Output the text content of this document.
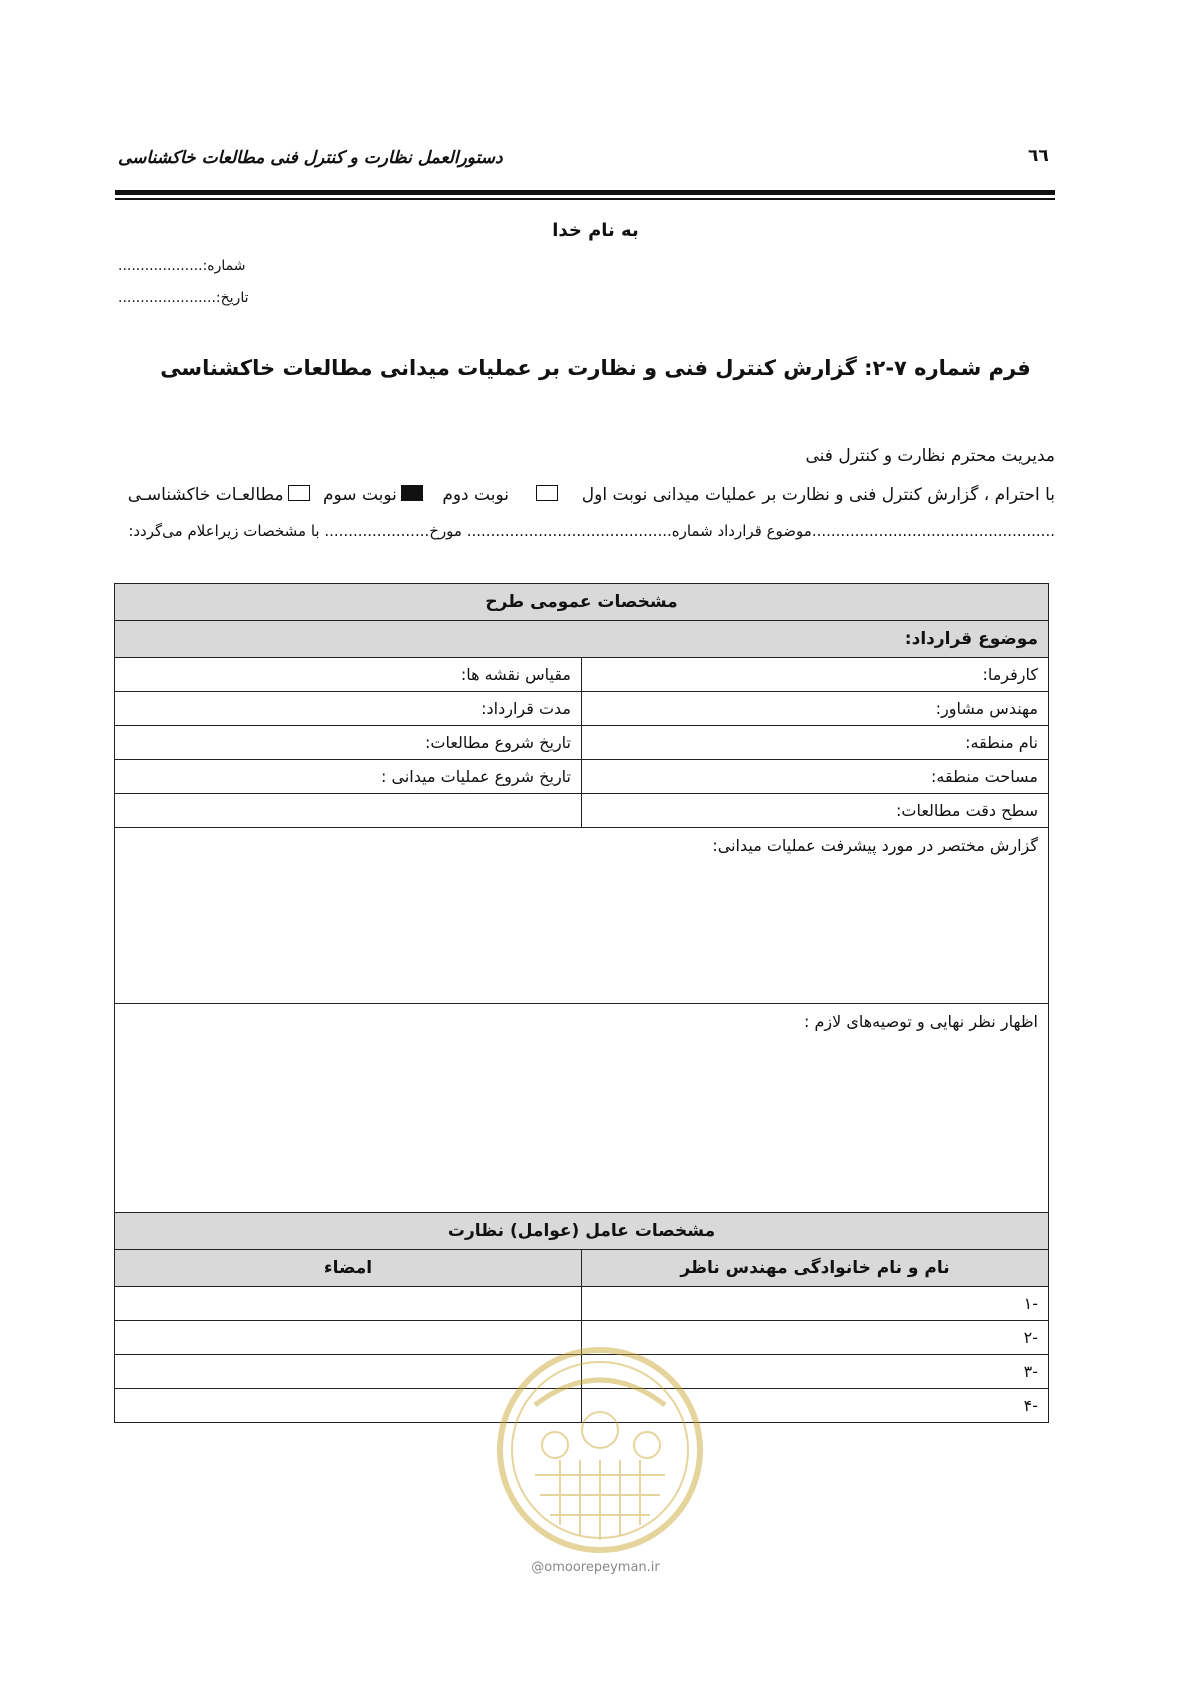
دستورالعمل نظارت و کنترل فنی مطالعات خاکشناسی	٦٦
به نام خدا
شماره:...................
تاریخ:......................
فرم شماره ۷-۲: گزارش کنترل فنی و نظارت بر عملیات میدانی مطالعات خاکشناسی
مدیریت محترم نظارت و کنترل فنی
با احترام ، گزارش کنترل فنی و نظارت بر عملیات میدانی نوبت اول  نوبت دوم نوبت سوم مطالعـات خاکشناسـی
...................................................موضوع قرارداد شماره........................................... مورخ...................... با مشخصات زیراعلام می‌گردد:
مشخصات عمومی طرح	
موضوع قرارداد:	
کارفرما:	مقیاس نقشه ها:
مهندس مشاور:	مدت قرارداد:
نام منطقه:	تاریخ شروع مطالعات:
مساحت منطقه:	تاریخ شروع عملیات میدانی :
سطح دقت مطالعات:	
گزارش مختصر در مورد پیشرفت عملیات میدانی:	
اظهار نظر نهایی و توصیه‌های لازم :	
مشخصات عامل (عوامل) نظارت	
نام و نام خانوادگی مهندس ناظر	امضاء
-۱	
-۲	
-۳	
-۴	
@omoorepeyman.ir
